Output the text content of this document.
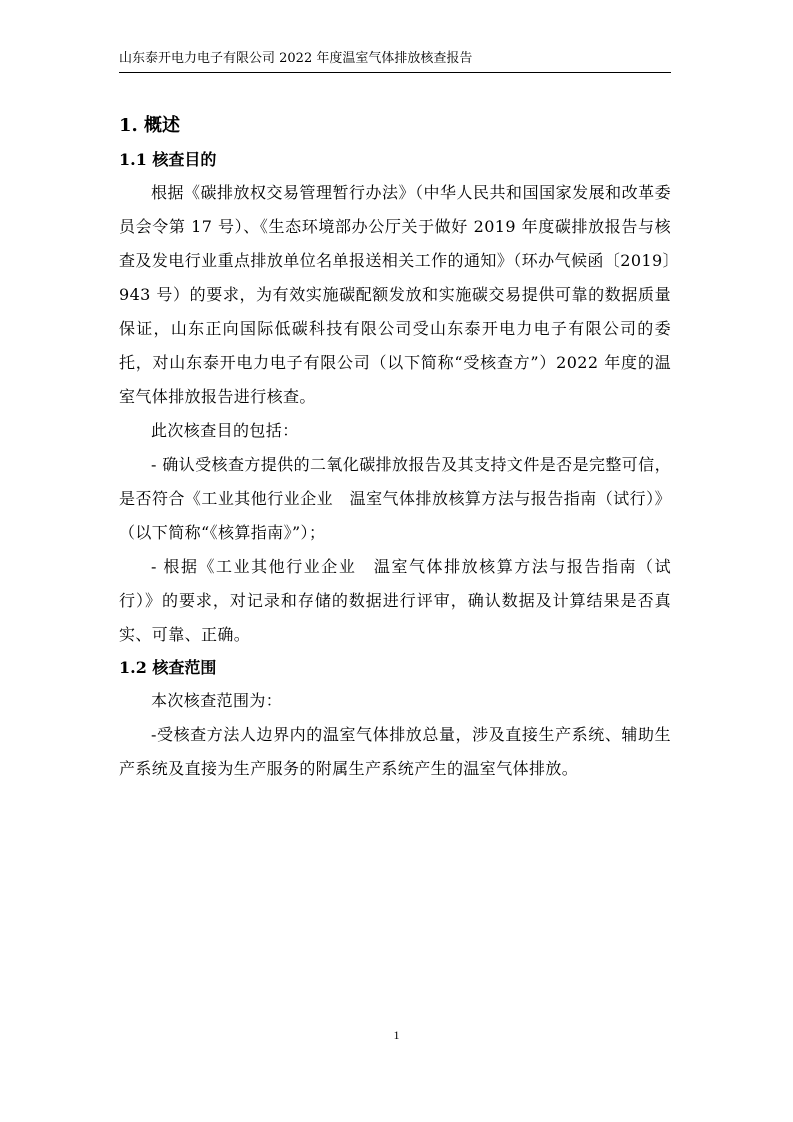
山东泰开电力电子有限公司 2022 年度温室气体排放核查报告
1. 概述
1.1 核查目的

根据《碳排放权交易管理暂行办法》（中华人民共和国国家发展和改革委员会令第 17 号）、《生态环境部办公厅关于做好 2019 年度碳排放报告与核查及发电行业重点排放单位名单报送相关工作的通知》（环办气候函〔2019〕943 号）的要求，为有效实施碳配额发放和实施碳交易提供可靠的数据质量保证，山东正向国际低碳科技有限公司受山东泰开电力电子有限公司的委托，对山东泰开电力电子有限公司（以下简称“受核查方”）2022 年度的温室气体排放报告进行核查。

此次核查目的包括：

- 确认受核查方提供的二氧化碳排放报告及其支持文件是否是完整可信，是否符合《工业其他行业企业　温室气体排放核算方法与报告指南（试行）》（以下简称“《核算指南》”）；

- 根据《工业其他行业企业　温室气体排放核算方法与报告指南（试行）》的要求，对记录和存储的数据进行评审，确认数据及计算结果是否真实、可靠、正确。

1.2 核查范围

本次核查范围为：

-受核查方法人边界内的温室气体排放总量，涉及直接生产系统、辅助生产系统及直接为生产服务的附属生产系统产生的温室气体排放。

1
